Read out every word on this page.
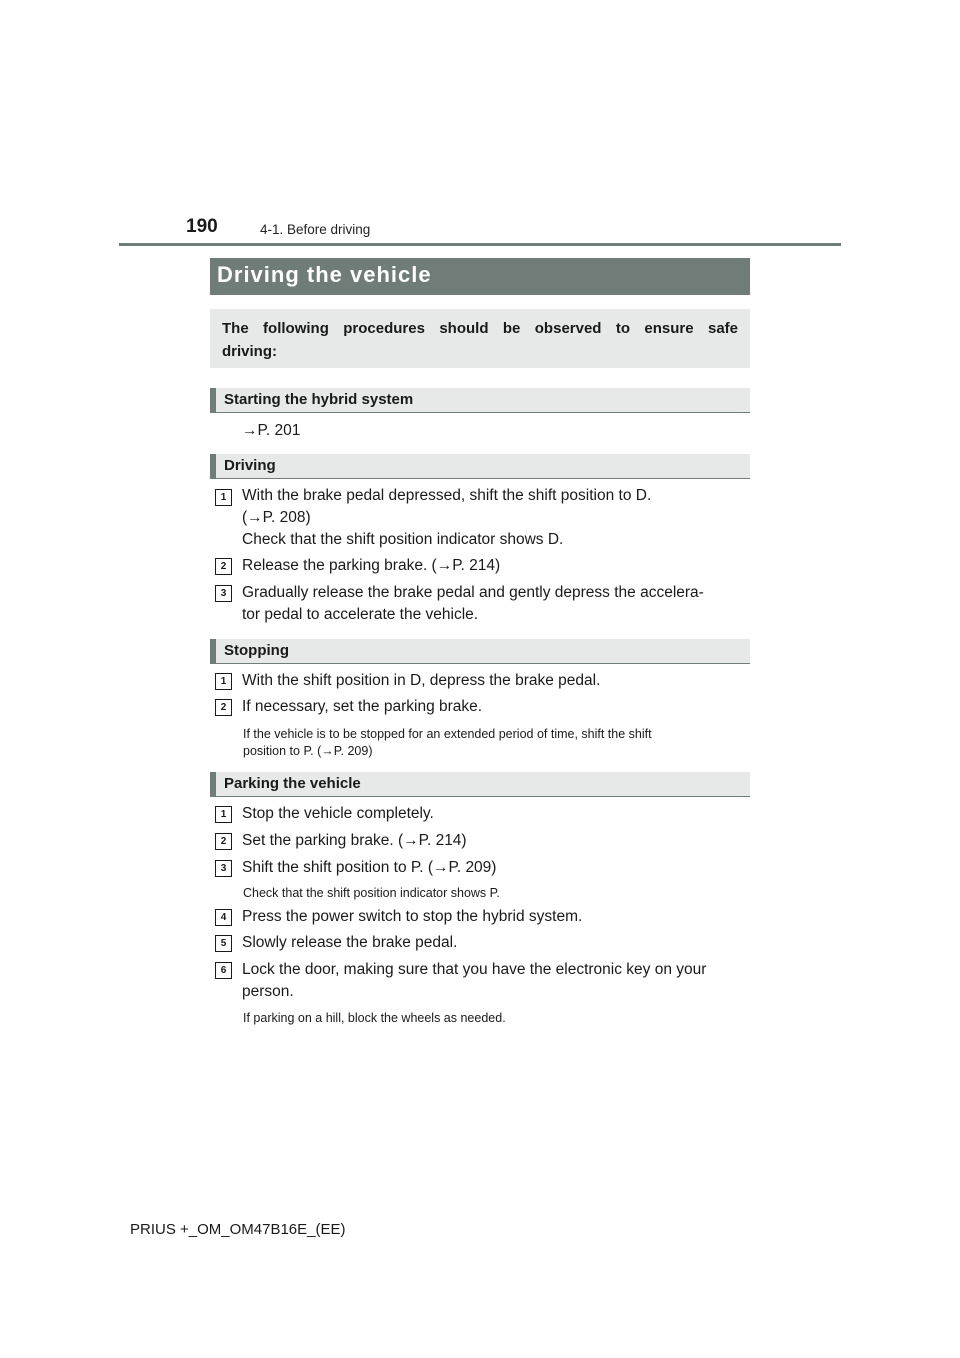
190	4-1. Before driving
Driving the vehicle
The following procedures should be observed to ensure safe
driving:
Starting the hybrid system
→P. 201
Driving
1	With the brake pedal depressed, shift the shift position to D.
(→P. 208)
Check that the shift position indicator shows D.
2	Release the parking brake. (→P. 214)
3	Gradually release the brake pedal and gently depress the accelera-
tor pedal to accelerate the vehicle.
Stopping
1	With the shift position in D, depress the brake pedal.
2	If necessary, set the parking brake.
If the vehicle is to be stopped for an extended period of time, shift the shift
position to P. (→P. 209)
Parking the vehicle
1	Stop the vehicle completely.
2	Set the parking brake. (→P. 214)
3	Shift the shift position to P. (→P. 209)
Check that the shift position indicator shows P.
4	Press the power switch to stop the hybrid system.
5	Slowly release the brake pedal.
6	Lock the door, making sure that you have the electronic key on your
person.
If parking on a hill, block the wheels as needed.
PRIUS +_OM_OM47B16E_(EE)
